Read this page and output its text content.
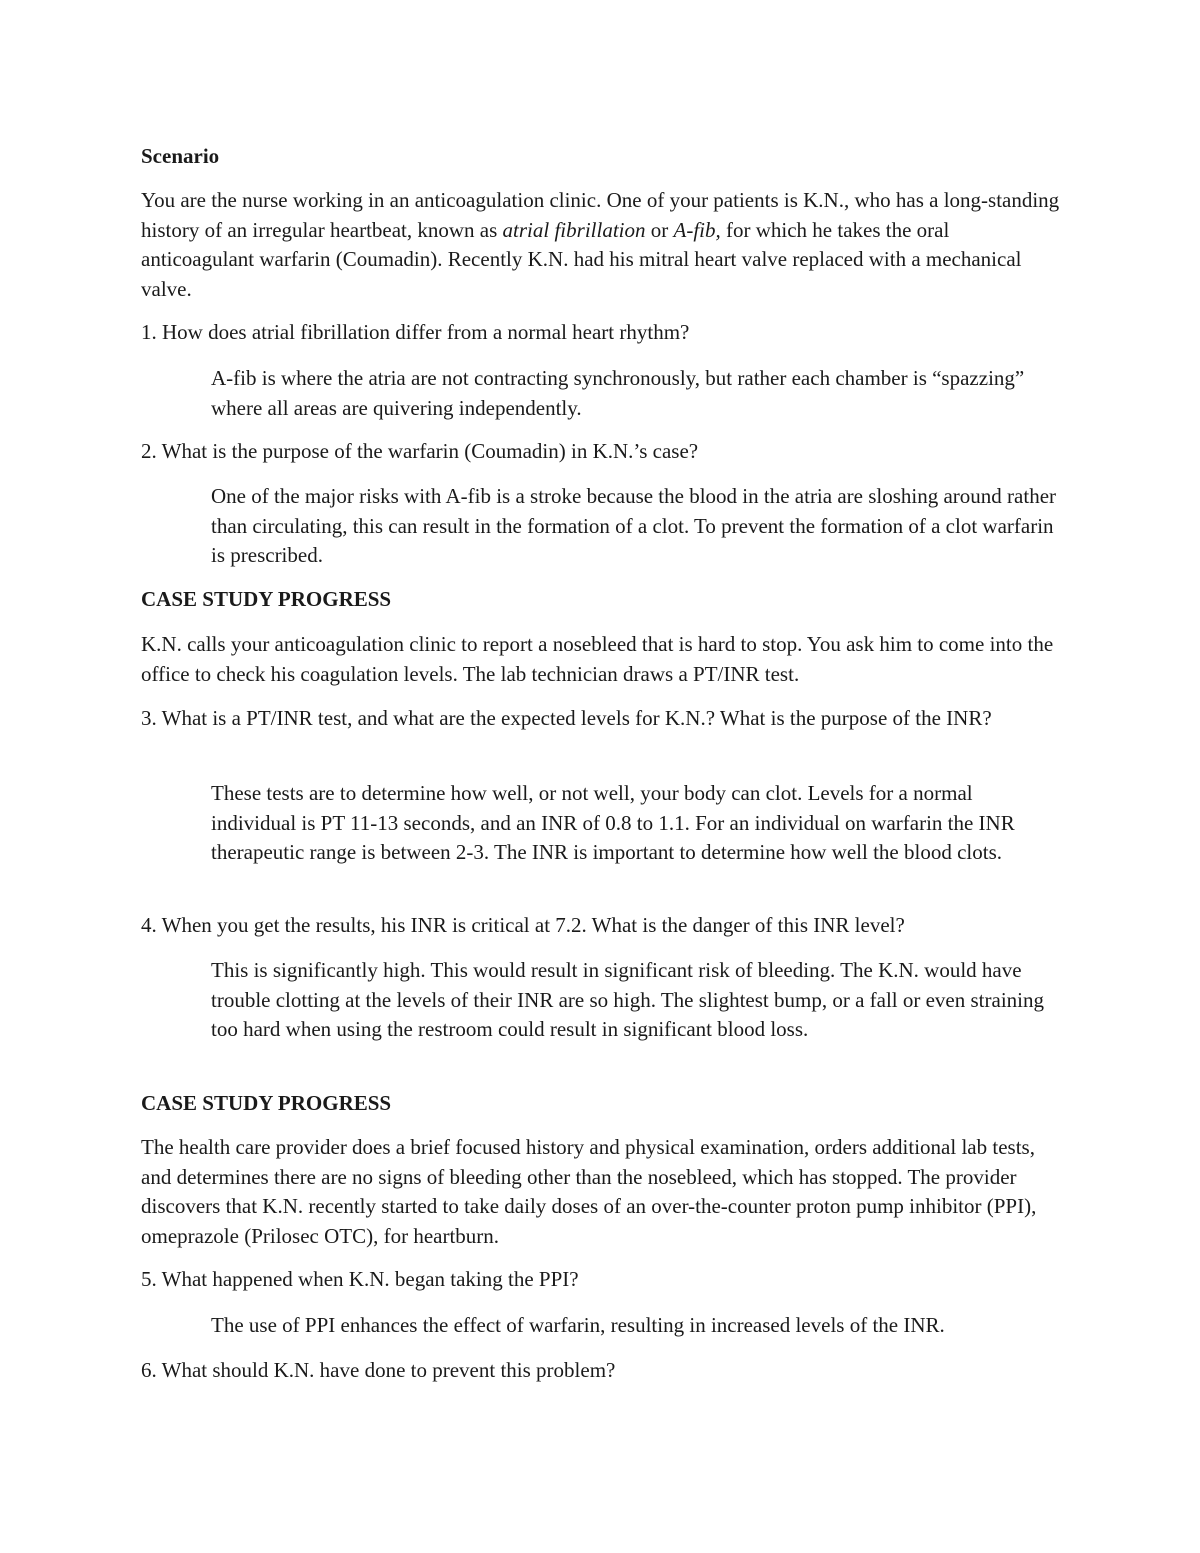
Scenario

You are the nurse working in an anticoagulation clinic. One of your patients is K.N., who has a long-standing history of an irregular heartbeat, known as atrial fibrillation or A-fib, for which he takes the oral anticoagulant warfarin (Coumadin). Recently K.N. had his mitral heart valve replaced with a mechanical valve.

1. How does atrial fibrillation differ from a normal heart rhythm?

A-fib is where the atria are not contracting synchronously, but rather each chamber is “spazzing” where all areas are quivering independently.

2. What is the purpose of the warfarin (Coumadin) in K.N.’s case?

One of the major risks with A-fib is a stroke because the blood in the atria are sloshing around rather than circulating, this can result in the formation of a clot. To prevent the formation of a clot warfarin is prescribed.

CASE STUDY PROGRESS

K.N. calls your anticoagulation clinic to report a nosebleed that is hard to stop. You ask him to come into the office to check his coagulation levels. The lab technician draws a PT/INR test.

3. What is a PT/INR test, and what are the expected levels for K.N.? What is the purpose of the INR?

These tests are to determine how well, or not well, your body can clot. Levels for a normal individual is PT 11-13 seconds, and an INR of 0.8 to 1.1. For an individual on warfarin the INR therapeutic range is between 2-3. The INR is important to determine how well the blood clots.

4. When you get the results, his INR is critical at 7.2. What is the danger of this INR level?

This is significantly high. This would result in significant risk of bleeding. The K.N. would have trouble clotting at the levels of their INR are so high. The slightest bump, or a fall or even straining too hard when using the restroom could result in significant blood loss.

CASE STUDY PROGRESS

The health care provider does a brief focused history and physical examination, orders additional lab tests, and determines there are no signs of bleeding other than the nosebleed, which has stopped. The provider discovers that K.N. recently started to take daily doses of an over-the-counter proton pump inhibitor (PPI), omeprazole (Prilosec OTC), for heartburn.

5. What happened when K.N. began taking the PPI?

The use of PPI enhances the effect of warfarin, resulting in increased levels of the INR.

6. What should K.N. have done to prevent this problem?
